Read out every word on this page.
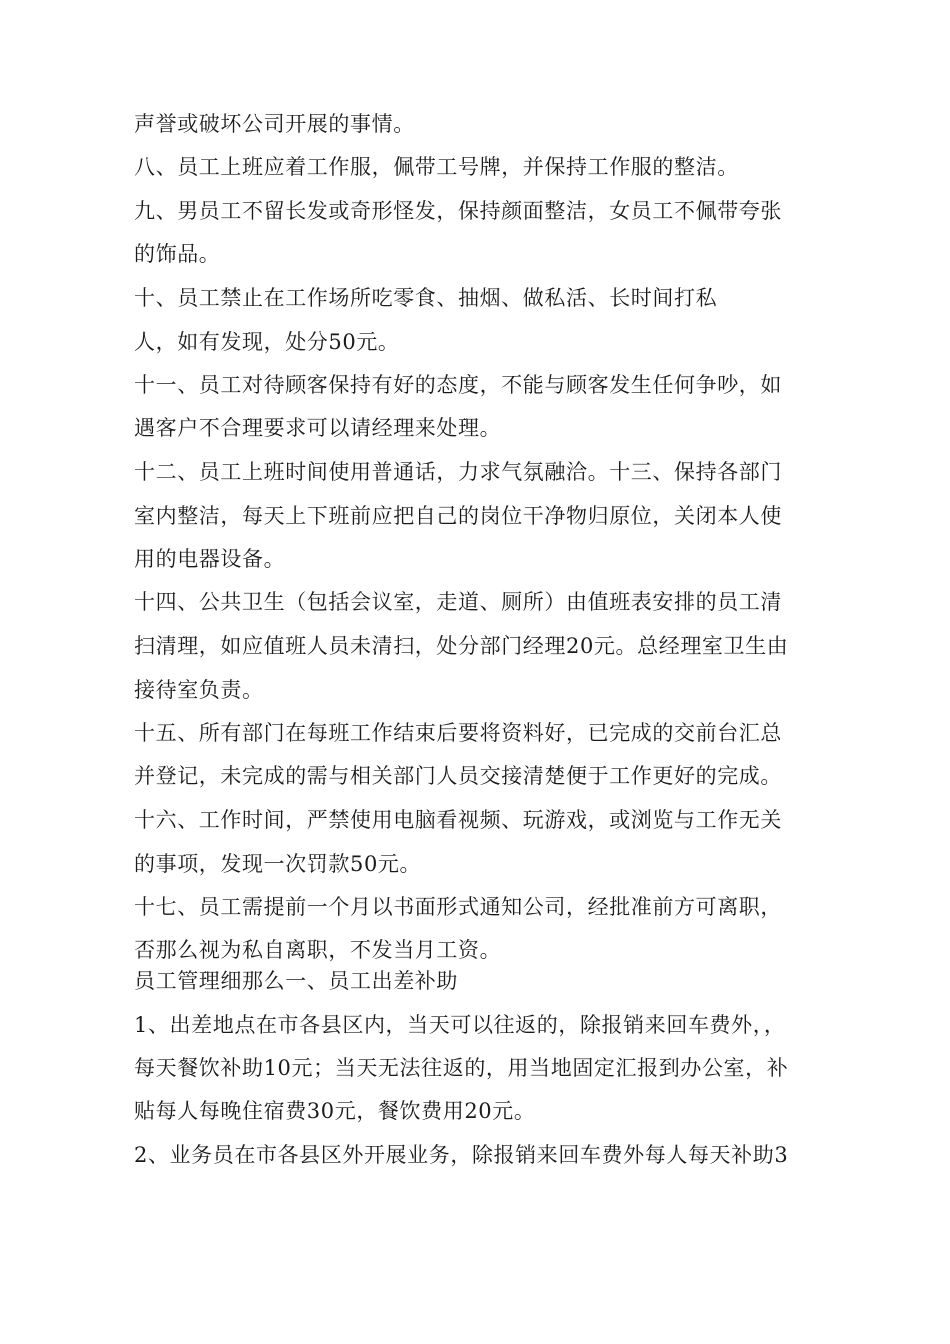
声誉或破坏公司开展的事情。
八、员工上班应着工作服，佩带工号牌，并保持工作服的整洁。
九、男员工不留长发或奇形怪发，保持颜面整洁，女员工不佩带夸张
的饰品。
十、员工禁止在工作场所吃零食、抽烟、做私活、长时间打私
人，如有发现，处分50元。
十一、员工对待顾客保持有好的态度，不能与顾客发生任何争吵，如
遇客户不合理要求可以请经理来处理。
十二、员工上班时间使用普通话，力求气氛融洽。十三、保持各部门
室内整洁，每天上下班前应把自己的岗位干净物归原位，关闭本人使
用的电器设备。
十四、公共卫生（包括会议室，走道、厕所）由值班表安排的员工清
扫清理，如应值班人员未清扫，处分部门经理20元。总经理室卫生由
接待室负责。
十五、所有部门在每班工作结束后要将资料好，已完成的交前台汇总
并登记，未完成的需与相关部门人员交接清楚便于工作更好的完成。
十六、工作时间，严禁使用电脑看视频、玩游戏，或浏览与工作无关
的事项，发现一次罚款50元。
十七、员工需提前一个月以书面形式通知公司，经批准前方可离职，
否那么视为私自离职，不发当月工资。
员工管理细那么一、员工出差补助
1、出差地点在市各县区内，当天可以往返的，除报销来回车费外，，
每天餐饮补助10元；当天无法往返的，用当地固定汇报到办公室，补
贴每人每晚住宿费30元，餐饮费用20元。
2、业务员在市各县区外开展业务，除报销来回车费外每人每天补助3
